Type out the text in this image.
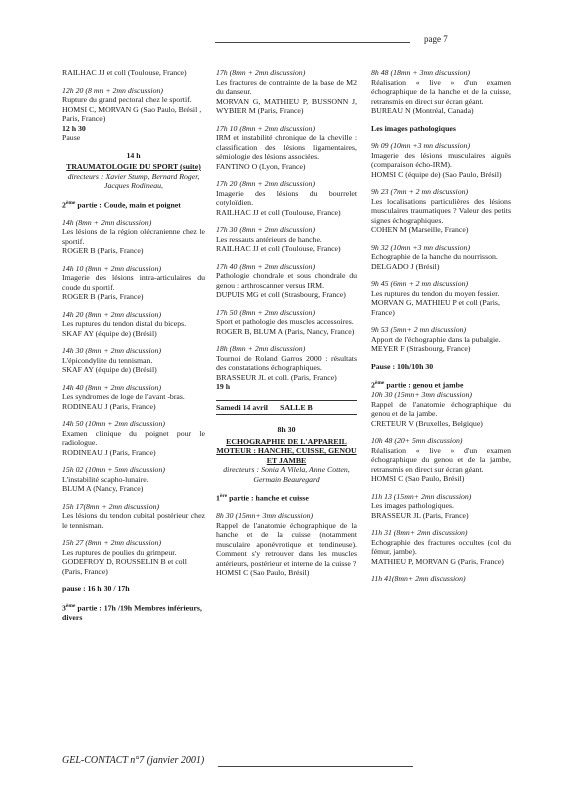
page 7
RAILHAC JJ et coll (Toulouse, France)
12h 20 (8 mn + 2mn discussion)
Rupture du grand pectoral chez le sportif.
HOMSI C, MORVAN G (Sao Paulo, Brésil , Paris, France)
12 h 30
Pause
14 h
TRAUMATOLOGIE DU SPORT (suite)
directeurs : Xavier Stump, Bernard Roger, Jacques Rodineau,
2ème partie : Coude, main et poignet
14h (8mn + 2mn discussion)
Les lésions de la région olécranienne chez le sportif.
ROGER B (Paris, France)
14h 10 (8mn + 2mn discussion)
Imagerie des lésions intra-articulaires du coude du sportif.
ROGER B (Paris, France)
14h 20 (8mn + 2mn discussion)
Les ruptures du tendon distal du biceps.
SKAF AY (équipe de) (Brésil)
14h 30 (8mn + 2mn discussion)
L'épicondylite du tennisman.
SKAF AY (équipe de) (Brésil)
14h 40 (8mn + 2mn discussion)
Les syndromes de loge de l'avant -bras.
RODINEAU J (Paris, France)
14h 50 (10mn + 2mn discussion)
Examen clinique du poignet pour le radiologue.
RODINEAU J (Paris, France)
15h 02 (10mn + 5mn discussion)
L'instabilité scapho-lunaire.
BLUM A (Nancy, France)
15h 17(8mn + 2mn discussion)
Les lésions du tendon cubital postérieur chez le tennisman.
15h 27 (8mn + 2mn discussion)
Les ruptures de poulies du grimpeur.
GODEFROY D, ROUSSELIN B et coll (Paris, France)
pause : 16 h 30 / 17h
3ème partie : 17h /19h Membres inférieurs, divers
17h (8mn + 2mn discussion)
Les fractures de contrainte de la base de M2 du danseur.
MORVAN G, MATHIEU P, BUSSONN J, WYBIER M (Paris, France)
17h 10 (8mn + 2mn discussion)
IRM et instabilité chronique de la cheville : classification des lésions ligamentaires, sémiologie des lésions associées.
FANTINO O (Lyon, France)
17h 20 (8mn + 2mn discussion)
Imagerie des lésions du bourrelet cotyloïdien.
RAILHAC JJ et coll (Toulouse, France)
17h 30 (8mn + 2mn discussion)
Les ressauts antérieurs de hanche.
RAILHAC JJ et coll (Toulouse, France)
17h 40 (8mn + 2mn discussion)
Pathologie chondrale et sous chondrale du genou : arthroscanner versus IRM.
DUPUIS MG et coll (Strasbourg, France)
17h 50 (8mn + 2mn discussion)
Sport et pathologie des muscles accessoires.
ROGER B, BLUM A (Paris, Nancy, France)
18h (8mn + 2mn discussion)
Tournoi de Roland Garros 2000 : résultats des constatations échographiques.
BRASSEUR JL et coll. (Paris, France)
19 h
Samedi 14 avril SALLE B
8h 30
ECHOGRAPHIE DE L'APPAREIL MOTEUR : HANCHE, CUISSE, GENOU ET JAMBE
directeurs : Sonia A Vilela, Anne Cotten, Germain Beauregard
1ère partie : hanche et cuisse
8h 30 (15mn+ 3mn discussion)
Rappel de l'anatomie échographique de la hanche et de la cuisse (notamment musculaire aponévrotique et tendineuse). Comment s'y retrouver dans les muscles antérieurs, postérieur et interne de la cuisse ?
HOMSI C (Sao Paulo, Brésil)
8h 48 (18mn + 3mn discussion)
Réalisation « live » d'un examen échographique de la hanche et de la cuisse, retransmis en direct sur écran géant.
BUREAU N (Montréal, Canada)
Les images pathologiques
9h 09 (10mn +3 mn discussion)
Imagerie des lésions musculaires aiguës (comparaison écho-IRM).
HOMSI C (équipe de) (Sao Paulo, Brésil)
9h 23 (7mn + 2 mn discussion)
Les localisations particulières des lésions musculaires traumatiques ? Valeur des petits signes échographiques.
COHEN M (Marseille, France)
9h 32 (10mn +3 mn discussion)
Echographie de la hanche du nourrisson.
DELGADO J (Brésil)
9h 45 (6mn + 2 mn discussion)
Les ruptures du tendon du moyen fessier.
MORVAN G, MATHIEU P et coll (Paris, France)
9h 53 (5mn+ 2 mn discussion)
Apport de l'échographie dans la pubalgie.
MEYER F (Strasbourg, France)
Pause : 10h/10h 30
2ème partie : genou et jambe
10h 30 (15mn+ 3mn discussion)
Rappel de l'anatomie échographique du genou et de la jambe.
CRETEUR V (Bruxelles, Belgique)
10h 48 (20+ 5mn discussion)
Réalisation « live » d'un examen échographique du genou et de la jambe, retransmis en direct sur écran géant.
HOMSI C (Sao Paulo, Brésil)
11h 13 (15mn+ 2mn discussion)
Les images pathologiques.
BRASSEUR JL (Paris, France)
11h 31 (8mn+ 2mn discussion)
Echographie des fractures occultes (col du fémur, jambe).
MATHIEU P, MORVAN G (Paris, France)
11h 41(8mn+ 2mn discussion)
GEL-CONTACT n°7 (janvier 2001)
